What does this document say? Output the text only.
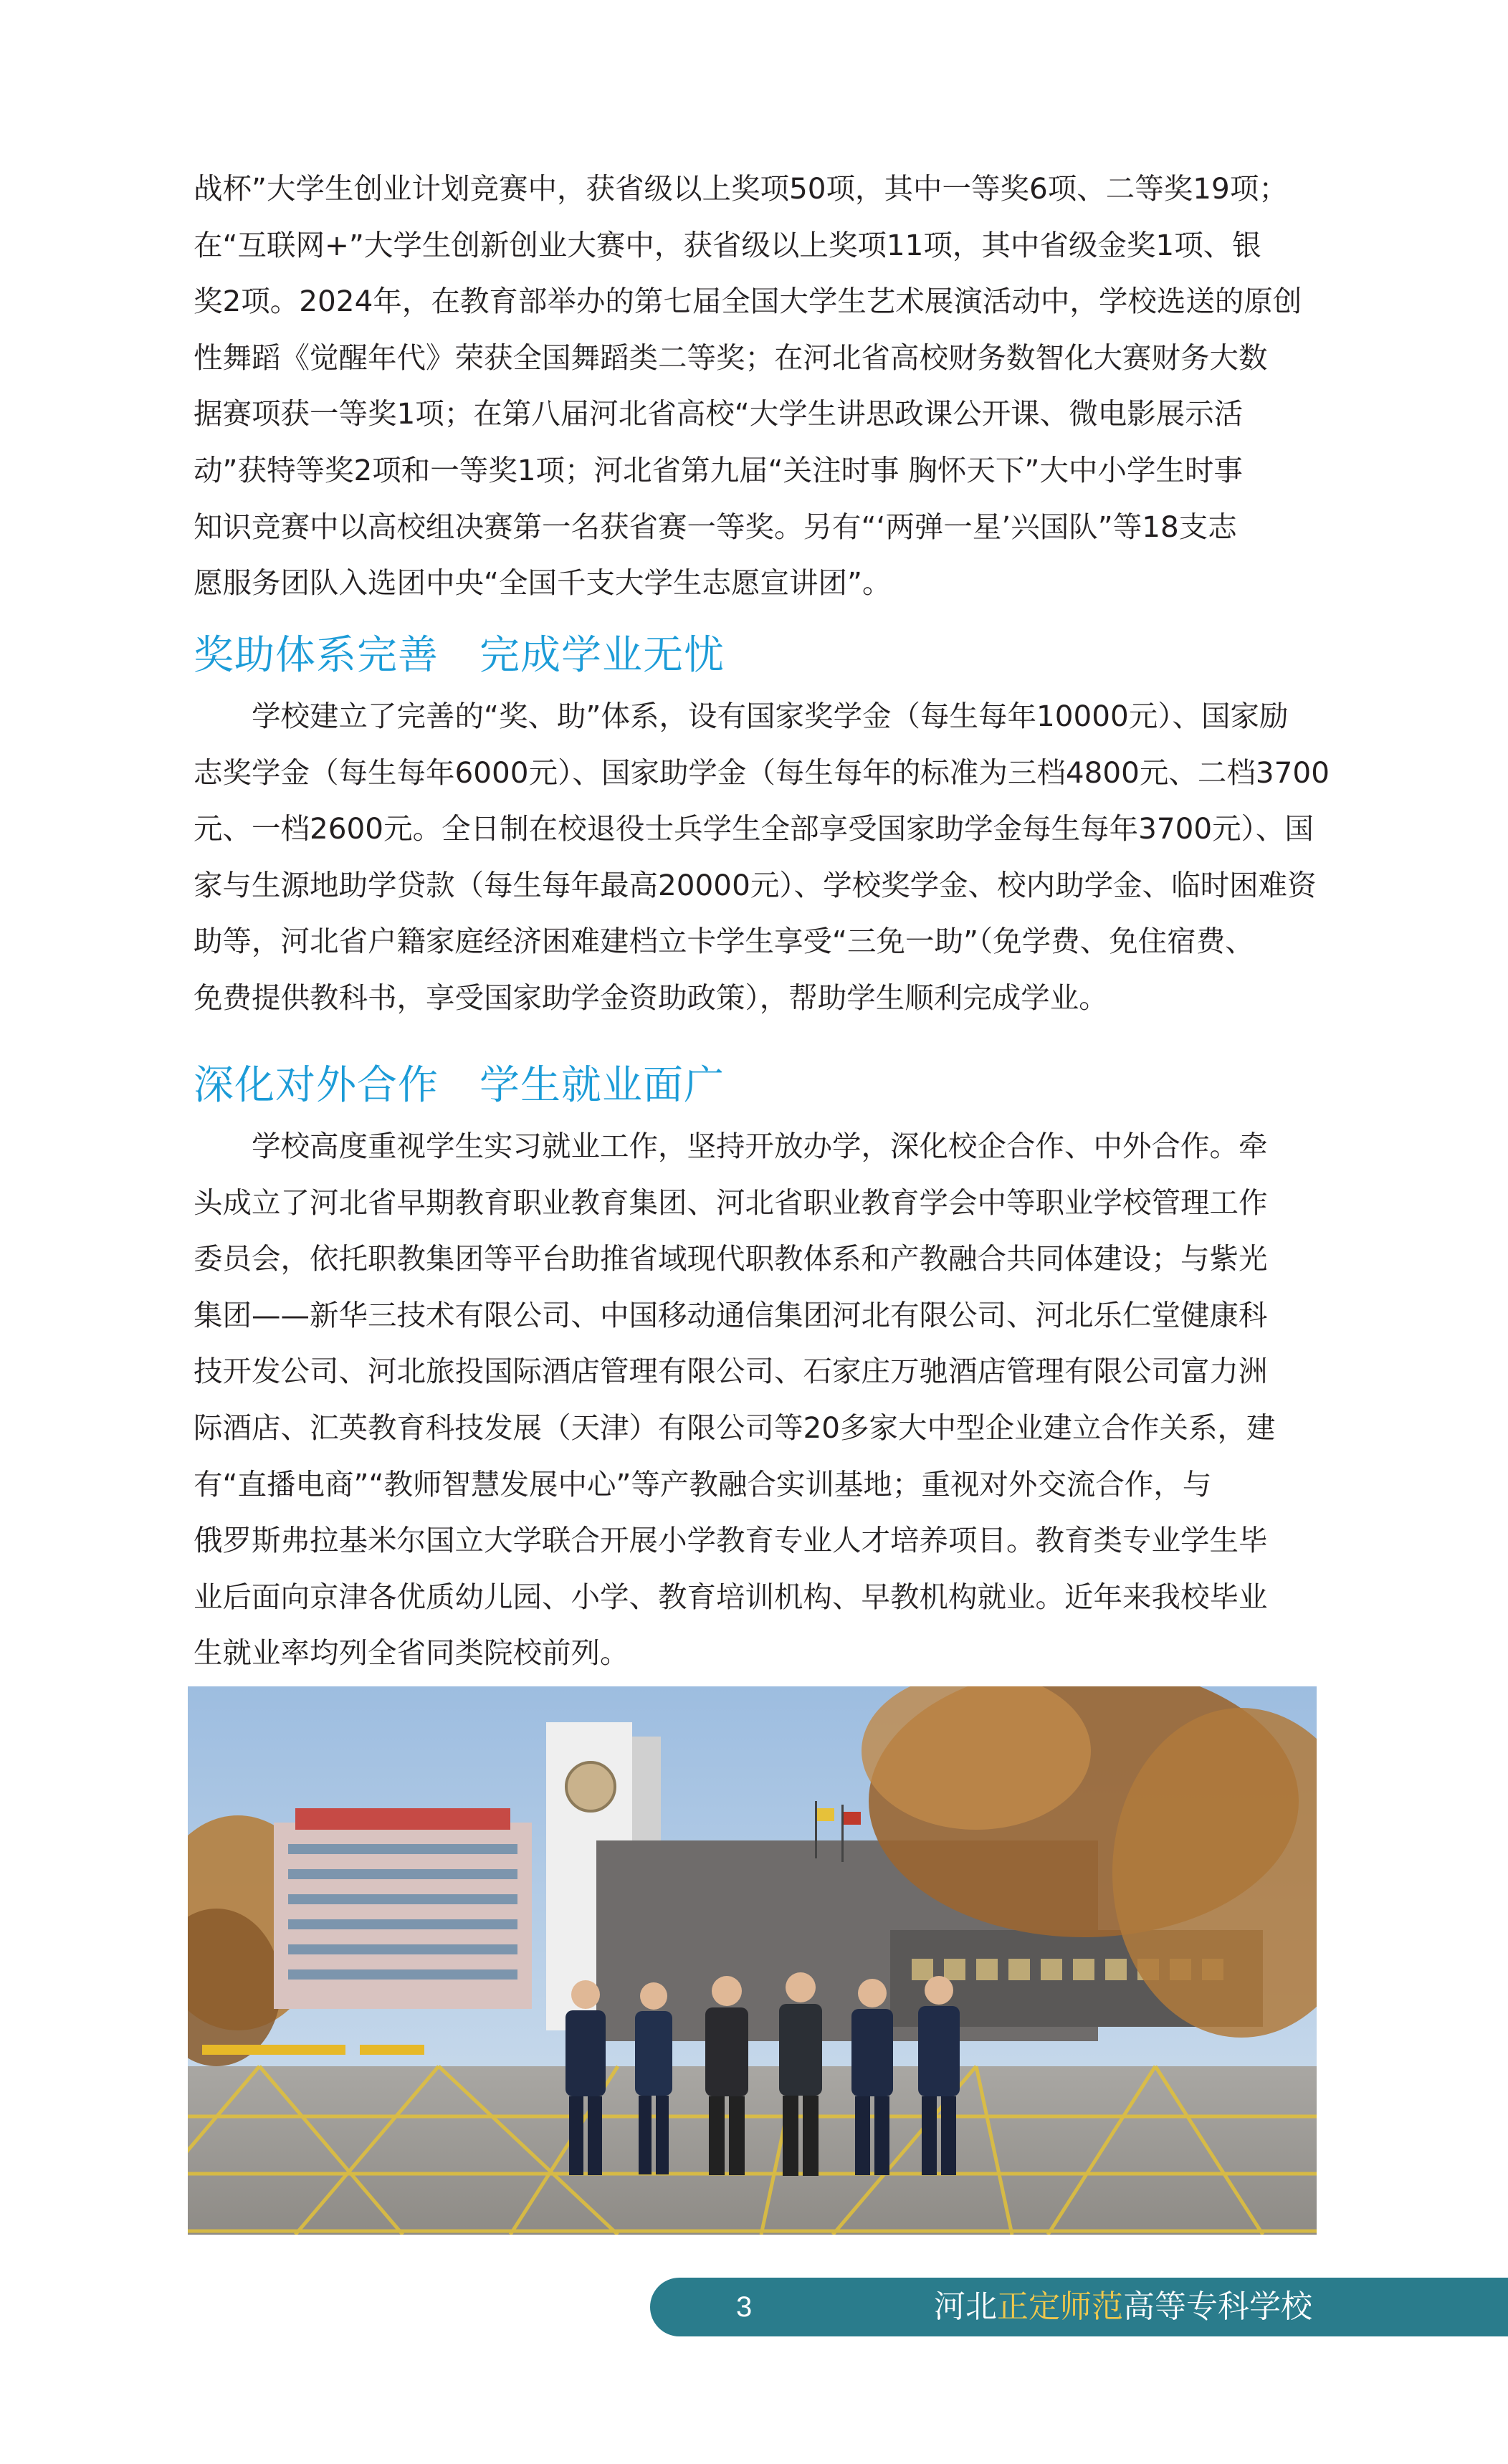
战杯”大学生创业计划竞赛中，获省级以上奖项50项，其中一等奖6项、二等奖19项；
在“互联网+”大学生创新创业大赛中，获省级以上奖项11项，其中省级金奖1项、银
奖2项。2024年，在教育部举办的第七届全国大学生艺术展演活动中，学校选送的原创
性舞蹈《觉醒年代》荣获全国舞蹈类二等奖；在河北省高校财务数智化大赛财务大数
据赛项获一等奖1项；在第八届河北省高校“大学生讲思政课公开课、微电影展示活
动”获特等奖2项和一等奖1项；河北省第九届“关注时事 胸怀天下”大中小学生时事
知识竞赛中以高校组决赛第一名获省赛一等奖。另有“‘两弹一星’兴国队”等18支志
愿服务团队入选团中央“全国千支大学生志愿宣讲团”。
奖助体系完善　完成学业无忧
　　学校建立了完善的“奖、助”体系，设有国家奖学金（每生每年10000元）、国家励
志奖学金（每生每年6000元）、国家助学金（每生每年的标准为三档4800元、二档3700
元、一档2600元。全日制在校退役士兵学生全部享受国家助学金每生每年3700元）、国
家与生源地助学贷款（每生每年最高20000元）、学校奖学金、校内助学金、临时困难资
助等，河北省户籍家庭经济困难建档立卡学生享受“三免一助”（免学费、免住宿费、
免费提供教科书，享受国家助学金资助政策），帮助学生顺利完成学业。
深化对外合作　学生就业面广
　　学校高度重视学生实习就业工作，坚持开放办学，深化校企合作、中外合作。牵
头成立了河北省早期教育职业教育集团、河北省职业教育学会中等职业学校管理工作
委员会，依托职教集团等平台助推省域现代职教体系和产教融合共同体建设；与紫光
集团——新华三技术有限公司、中国移动通信集团河北有限公司、河北乐仁堂健康科
技开发公司、河北旅投国际酒店管理有限公司、石家庄万驰酒店管理有限公司富力洲
际酒店、汇英教育科技发展（天津）有限公司等20多家大中型企业建立合作关系，建
有“直播电商”“教师智慧发展中心”等产教融合实训基地；重视对外交流合作，与
俄罗斯弗拉基米尔国立大学联合开展小学教育专业人才培养项目。教育类专业学生毕
业后面向京津各优质幼儿园、小学、教育培训机构、早教机构就业。近年来我校毕业
生就业率均列全省同类院校前列。
3	河北正定师范高等专科学校
